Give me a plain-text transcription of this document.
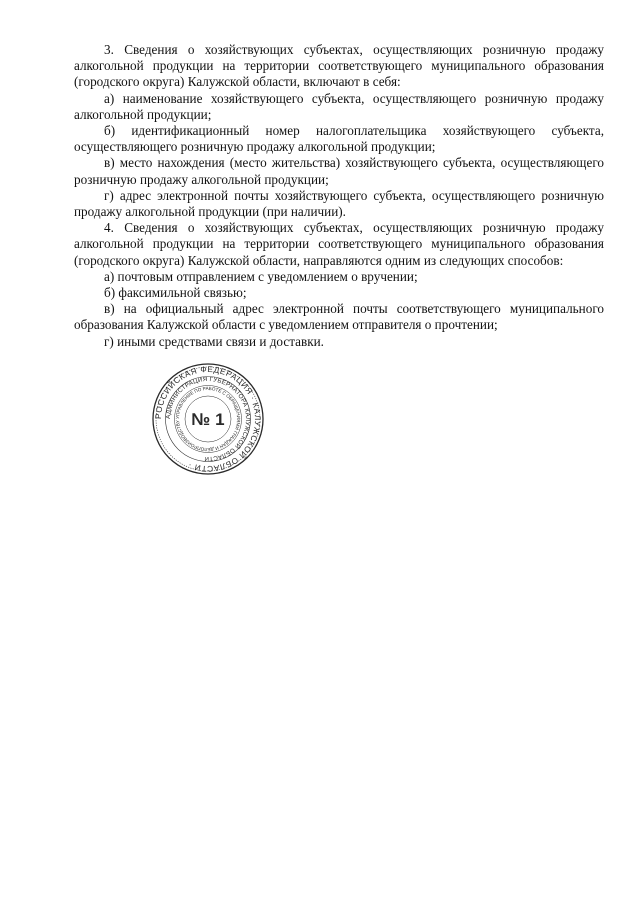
3. Сведения о хозяйствующих субъектах, осуществляющих розничную продажу алкогольной продукции на территории соответствующего муниципального образования (городского округа) Калужской области, включают в себя:

а) наименование хозяйствующего субъекта, осуществляющего розничную продажу алкогольной продукции;

б) идентификационный номер налогоплательщика хозяйствующего субъекта, осуществляющего розничную продажу алкогольной продукции;

в) место нахождения (место жительства) хозяйствующего субъекта, осуществляющего розничную продажу алкогольной продукции;

г) адрес электронной почты хозяйствующего субъекта, осуществляющего розничную продажу алкогольной продукции (при наличии).

4. Сведения о хозяйствующих субъектах, осуществляющих розничную продажу алкогольной продукции на территории соответствующего муниципального образования (городского округа) Калужской области, направляются одним из следующих способов:

а) почтовым отправлением с уведомлением о вручении;

б) факсимильной связью;

в) на официальный адрес электронной почты соответствующего муниципального образования Калужской области с уведомлением отправителя о прочтении;

г) иными средствами связи и доставки.

РОССИЙСКАЯ ФЕДЕРАЦИЯ · КАЛУЖСКОЙ ОБЛАСТИ ·
АДМИНИСТРАЦИЯ ГУБЕРНАТОРА КАЛУЖСКОЙ ОБЛАСТИ
УПРАВЛЕНИЕ ПО РАБОТЕ С ОБРАЩЕНИЯМИ ГРАЖДАН И ДЕЛОПРОИЗВОДСТВУ № 1
